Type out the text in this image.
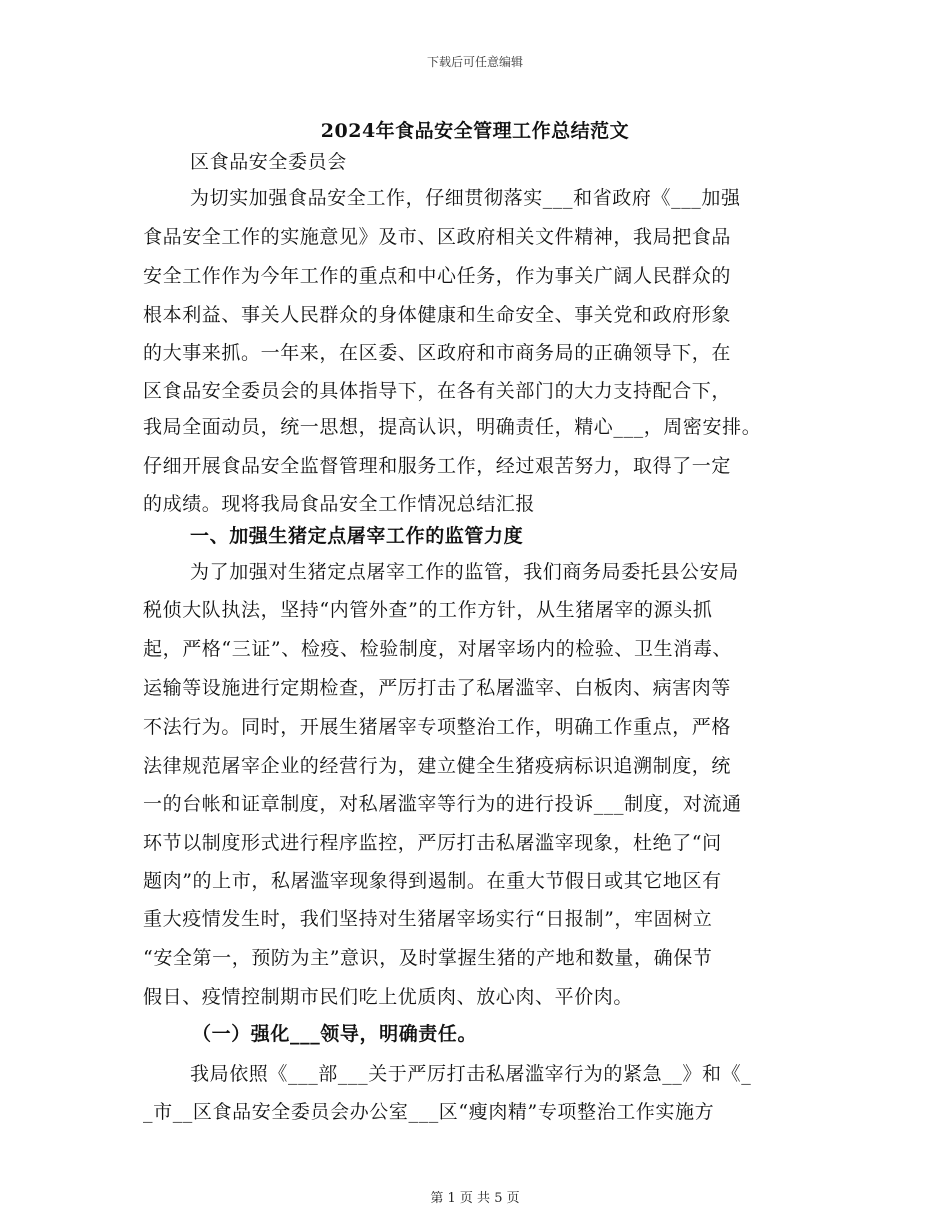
下载后可任意编辑
2024年食品安全管理工作总结范文
区食品安全委员会
为切实加强食品安全工作，仔细贯彻落实___和省政府《___加强
食品安全工作的实施意见》及市、区政府相关文件精神，我局把食品
安全工作作为今年工作的重点和中心任务，作为事关广阔人民群众的
根本利益、事关人民群众的身体健康和生命安全、事关党和政府形象
的大事来抓。一年来，在区委、区政府和市商务局的正确领导下，在
区食品安全委员会的具体指导下，在各有关部门的大力支持配合下，
我局全面动员，统一思想，提高认识，明确责任，精心___，周密安排。
仔细开展食品安全监督管理和服务工作，经过艰苦努力，取得了一定
的成绩。现将我局食品安全工作情况总结汇报
一、加强生猪定点屠宰工作的监管力度
为了加强对生猪定点屠宰工作的监管，我们商务局委托县公安局
税侦大队执法，坚持“内管外查”的工作方针，从生猪屠宰的源头抓
起，严格“三证”、检疫、检验制度，对屠宰场内的检验、卫生消毒、
运输等设施进行定期检查，严厉打击了私屠滥宰、白板肉、病害肉等
不法行为。同时，开展生猪屠宰专项整治工作，明确工作重点，严格
法律规范屠宰企业的经营行为，建立健全生猪疫病标识追溯制度，统
一的台帐和证章制度，对私屠滥宰等行为的进行投诉___制度，对流通
环节以制度形式进行程序监控，严厉打击私屠滥宰现象，杜绝了“问
题肉”的上市，私屠滥宰现象得到遏制。在重大节假日或其它地区有
重大疫情发生时，我们坚持对生猪屠宰场实行“日报制”，牢固树立
“安全第一，预防为主”意识，及时掌握生猪的产地和数量，确保节
假日、疫情控制期市民们吃上优质肉、放心肉、平价肉。
（一）强化___领导，明确责任。
我局依照《___部___关于严厉打击私屠滥宰行为的紧急__》和《_
_市__区食品安全委员会办公室___区“瘦肉精”专项整治工作实施方
第 1 页 共 5 页
